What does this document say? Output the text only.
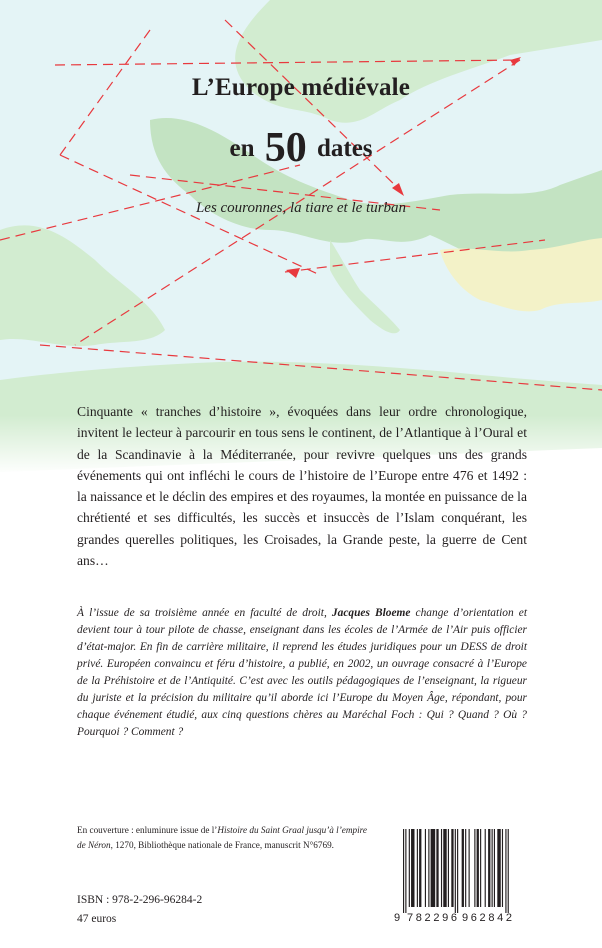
L’Europe médiévale
en 50 dates
Les couronnes, la tiare et le turban
Cinquante « tranches d’histoire », évoquées dans leur ordre chronologique, invitent le lecteur à parcourir en tous sens le continent, de l’Atlantique à l’Oural et de la Scandinavie à la Méditerranée, pour revivre quelques uns des grands événements qui ont infléchi le cours de l’histoire de l’Europe entre 476 et 1492 : la naissance et le déclin des empires et des royaumes, la montée en puissance de la chrétienté et ses difficultés, les succès et insuccès de l’Islam conquérant, les grandes querelles politiques, les Croisades, la Grande peste, la guerre de Cent ans…
À l’issue de sa troisième année en faculté de droit, Jacques Bloeme change d’orientation et devient tour à tour pilote de chasse, enseignant dans les écoles de l’Armée de l’Air puis officier d’état-major. En fin de carrière militaire, il reprend les études juridiques pour un DESS de droit privé. Européen convaincu et féru d’histoire, a publié, en 2002, un ouvrage consacré à l’Europe de la Préhistoire et de l’Antiquité. C’est avec les outils pédagogiques de l’enseignant, la rigueur du juriste et la précision du militaire qu’il aborde ici l’Europe du Moyen Âge, répondant, pour chaque événement étudié, aux cinq questions chères au Maréchal Foch : Qui ? Quand ? Où ? Pourquoi ? Comment ?
En couverture : enluminure issue de l’Histoire du Saint Graal jusqu’à l’empire de Néron, 1270, Bibliothèque nationale de France, manuscrit N°6769.
ISBN : 978-2-296-96284-2
47 euros	9 782296 962842
